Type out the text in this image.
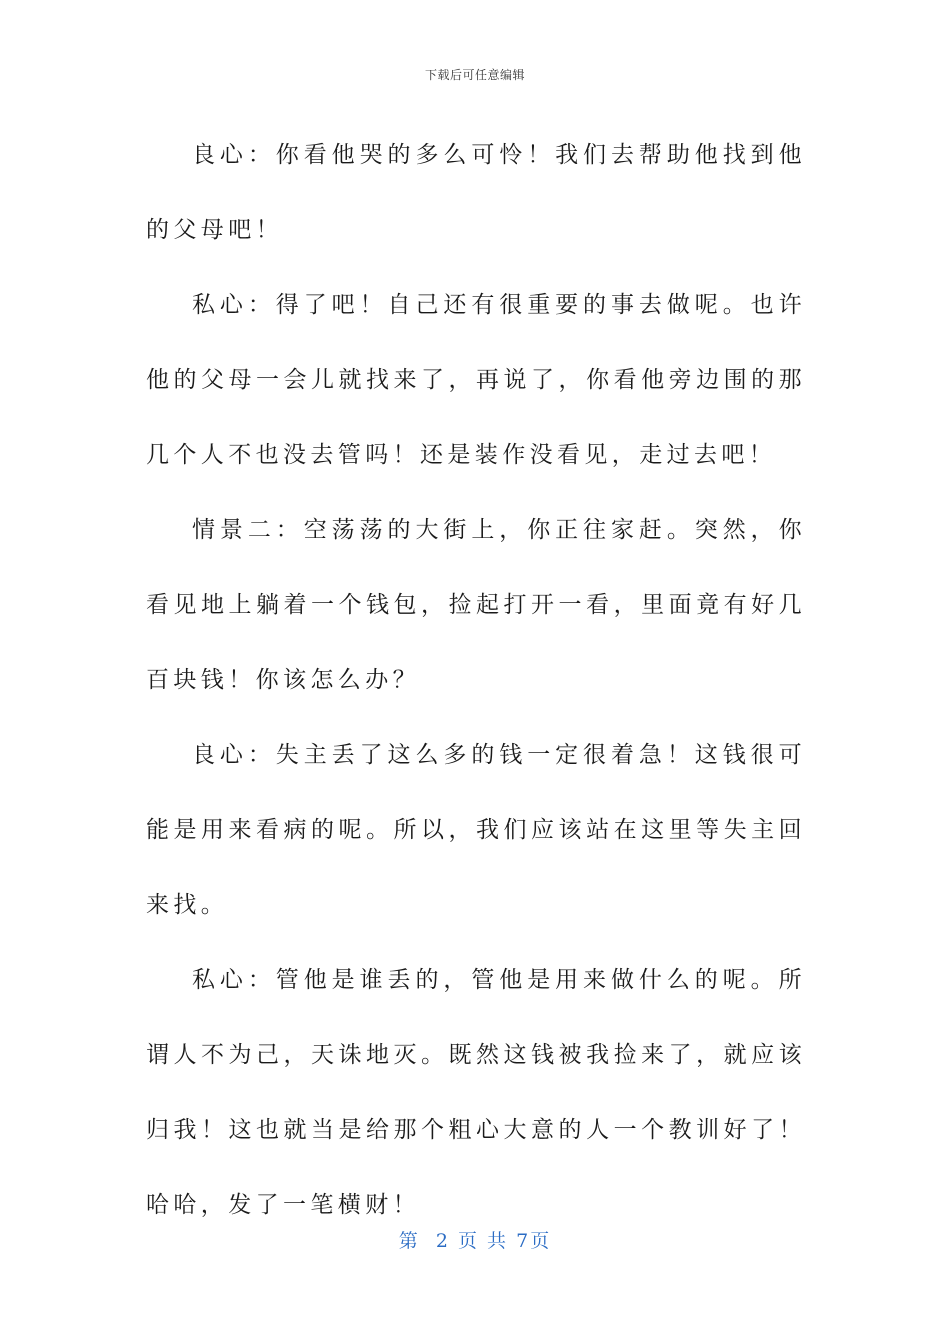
下载后可任意编辑

良心：你看他哭的多么可怜！我们去帮助他找到他的父母吧！

私心：得了吧！自己还有很重要的事去做呢。也许他的父母一会儿就找来了，再说了，你看他旁边围的那几个人不也没去管吗！还是装作没看见，走过去吧！

情景二：空荡荡的大街上，你正往家赶。突然，你看见地上躺着一个钱包，捡起打开一看，里面竟有好几百块钱！你该怎么办？

良心：失主丢了这么多的钱一定很着急！这钱很可能是用来看病的呢。所以，我们应该站在这里等失主回来找。

私心：管他是谁丢的，管他是用来做什么的呢。所谓人不为己，天诛地灭。既然这钱被我捡来了，就应该归我！这也就当是给那个粗心大意的人一个教训好了！哈哈，发了一笔横财！

第 2 页 共 7页
